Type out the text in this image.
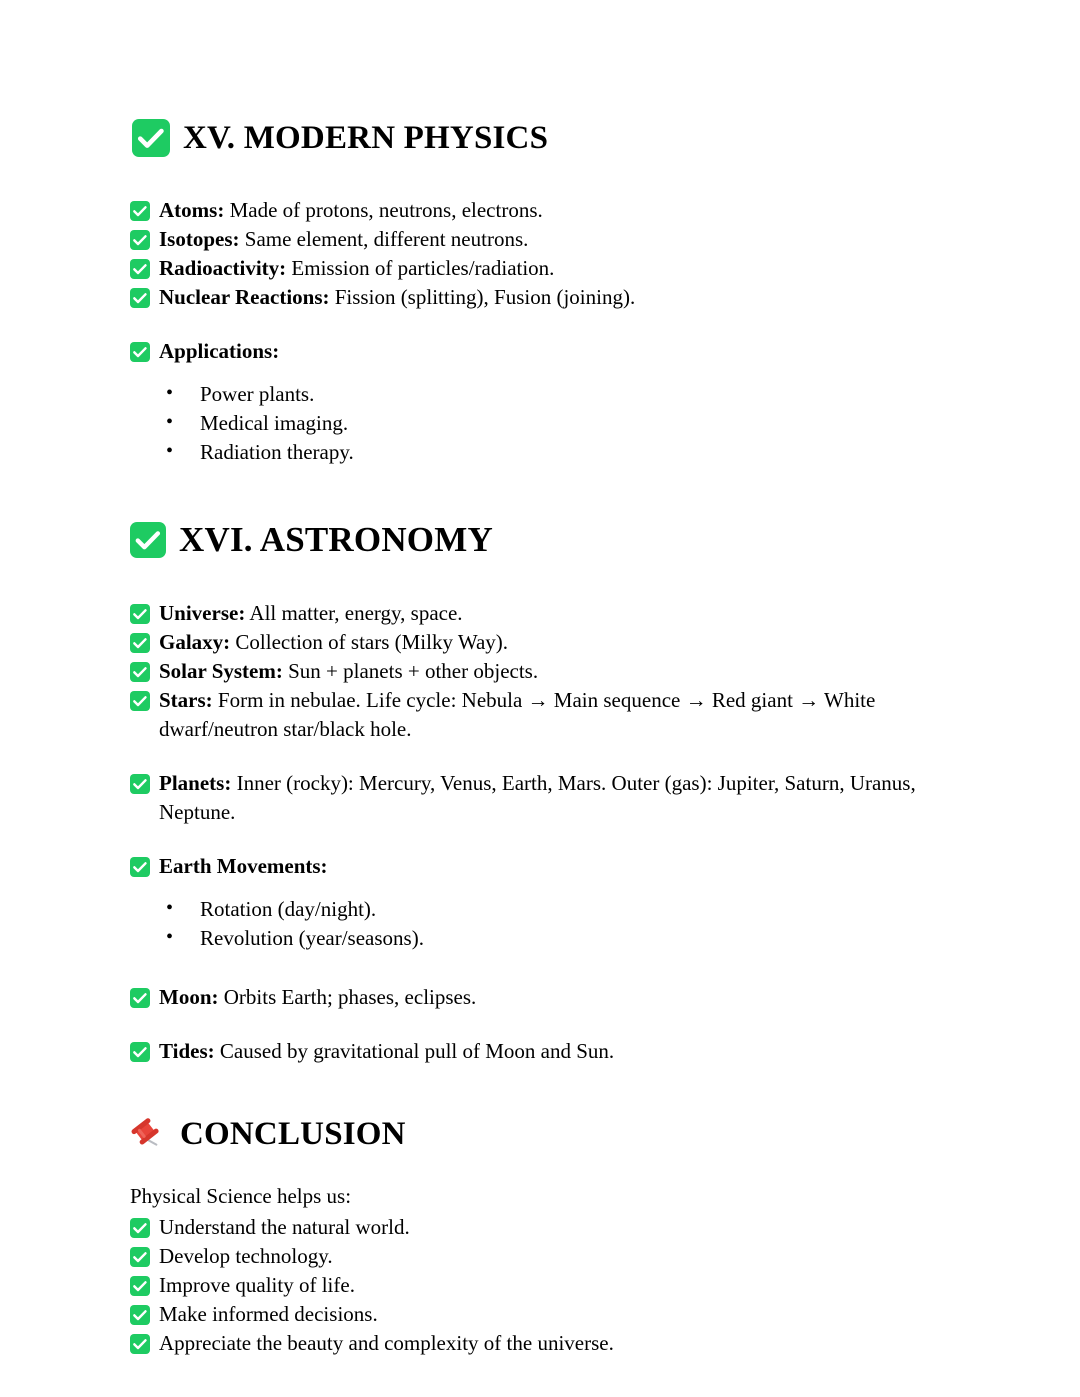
XV. MODERN PHYSICS

Atoms: Made of protons, neutrons, electrons.

Isotopes: Same element, different neutrons.

Radioactivity: Emission of particles/radiation.

Nuclear Reactions: Fission (splitting), Fusion (joining).

Applications:

• Power plants.
• Medical imaging.
• Radiation therapy.
XVI. ASTRONOMY

Universe: All matter, energy, space.

Galaxy: Collection of stars (Milky Way).

Solar System: Sun + planets + other objects.

Stars: Form in nebulae. Life cycle: Nebula → Main sequence → Red giant → White dwarf/neutron star/black hole.

Planets: Inner (rocky): Mercury, Venus, Earth, Mars. Outer (gas): Jupiter, Saturn, Uranus, Neptune.

Earth Movements:

• Rotation (day/night).
• Revolution (year/seasons).

Moon: Orbits Earth; phases, eclipses.

Tides: Caused by gravitational pull of Moon and Sun.

CONCLUSION

Physical Science helps us:

Understand the natural world.

Develop technology.

Improve quality of life.

Make informed decisions.

Appreciate the beauty and complexity of the universe.
